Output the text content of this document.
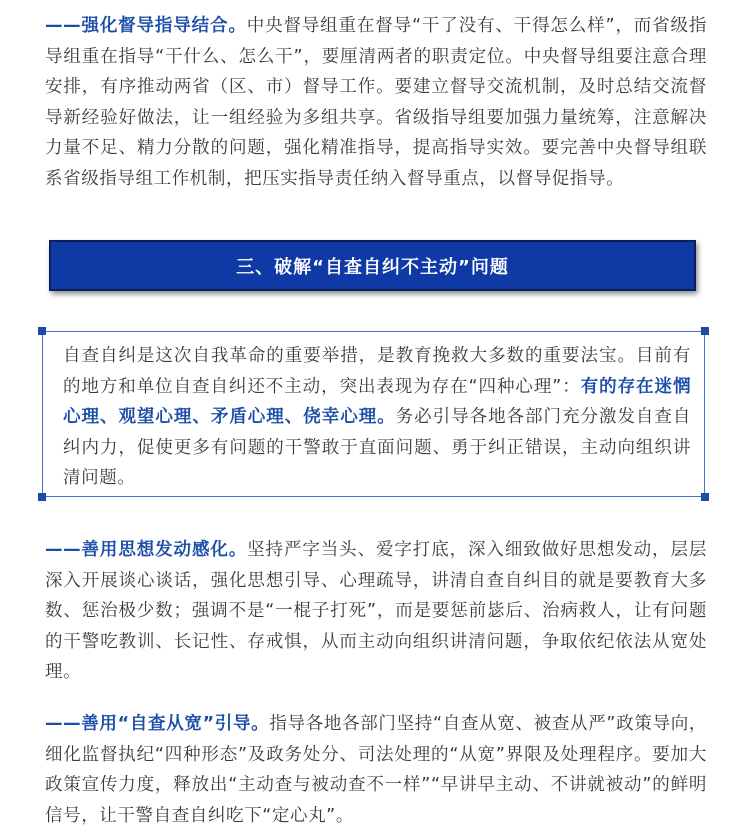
——强化督导指导结合。中央督导组重在督导“干了没有、干得怎么样”，而省级指导组重在指导“干什么、怎么干”，要厘清两者的职责定位。中央督导组要注意合理安排，有序推动两省（区、市）督导工作。要建立督导交流机制，及时总结交流督导新经验好做法，让一组经验为多组共享。省级指导组要加强力量统筹，注意解决力量不足、精力分散的问题，强化精准指导，提高指导实效。要完善中央督导组联系省级指导组工作机制，把压实指导责任纳入督导重点，以督导促指导。

三、破解“自查自纠不主动”问题

自查自纠是这次自我革命的重要举措，是教育挽救大多数的重要法宝。目前有的地方和单位自查自纠还不主动，突出表现为存在“四种心理”：有的存在迷惘心理、观望心理、矛盾心理、侥幸心理。务必引导各地各部门充分激发自查自纠内力，促使更多有问题的干警敢于直面问题、勇于纠正错误，主动向组织讲清问题。

——善用思想发动感化。坚持严字当头、爱字打底，深入细致做好思想发动，层层深入开展谈心谈话，强化思想引导、心理疏导，讲清自查自纠目的就是要教育大多数、惩治极少数；强调不是“一棍子打死”，而是要惩前毖后、治病救人，让有问题的干警吃教训、长记性、存戒惧，从而主动向组织讲清问题，争取依纪依法从宽处理。

——善用“自查从宽”引导。指导各地各部门坚持“自查从宽、被查从严”政策导向，细化监督执纪“四种形态”及政务处分、司法处理的“从宽”界限及处理程序。要加大政策宣传力度，释放出“主动查与被动查不一样”“早讲早主动、不讲就被动”的鲜明信号，让干警自查自纠吃下“定心丸”。
